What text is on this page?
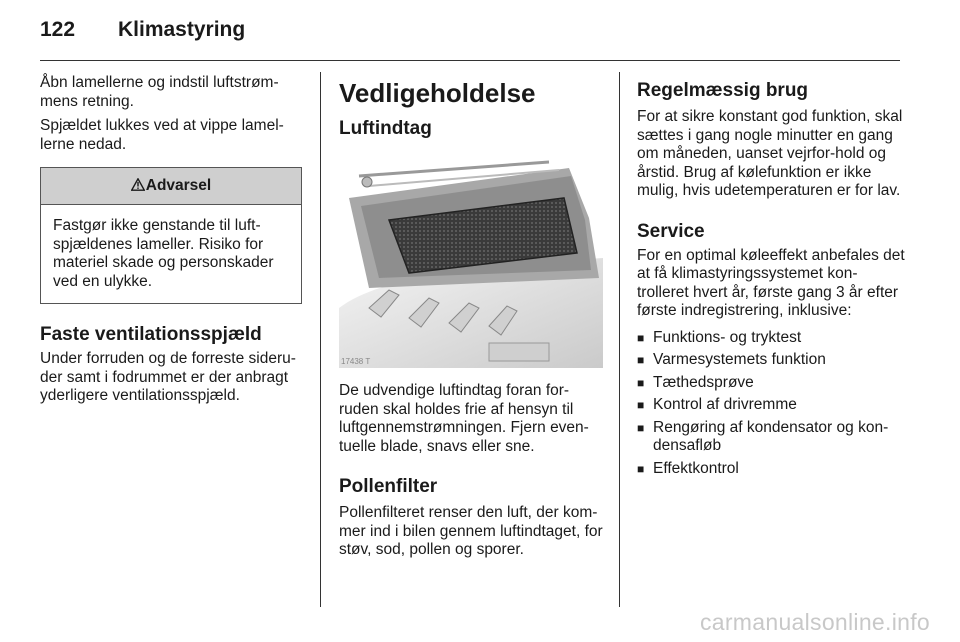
122 Klimastyring

Åbn lamellerne og indstil luftstrøm-mens retning.

Spjældet lukkes ved at vippe lamel-lerne nedad.

Advarsel

Fastgør ikke genstande til luft-spjældenes lameller. Risiko for materiel skade og personskader ved en ulykke.

Faste ventilationsspjæld

Under forruden og de forreste sideru-der samt i fodrummet er der anbragt yderligere ventilationsspjæld.

Vedligeholdelse
Luftindtag
17438 T

De udvendige luftindtag foran for-ruden skal holdes frie af hensyn til luftgennemstrømningen. Fjern even-tuelle blade, snavs eller sne.

Pollenfilter

Pollenfilteret renser den luft, der kom-mer ind i bilen gennem luftindtaget, for støv, sod, pollen og sporer.

Regelmæssig brug

For at sikre konstant god funktion, skal sættes i gang nogle minutter en gang om måneden, uanset vejrfor-hold og årstid. Brug af kølefunktion er ikke mulig, hvis udetemperaturen er for lav.

Service

For en optimal køleeffekt anbefales det at få klimastyringssystemet kon-trolleret hvert år, første gang 3 år efter første indregistrering, inklusive:

■ Funktions- og tryktest
■ Varmesystemets funktion
■ Tæthedsprøve
■ Kontrol af drivremme
■ Rengøring af kondensator og kon-densafløb
■ Effektkontrol
carmanualsonline.info
